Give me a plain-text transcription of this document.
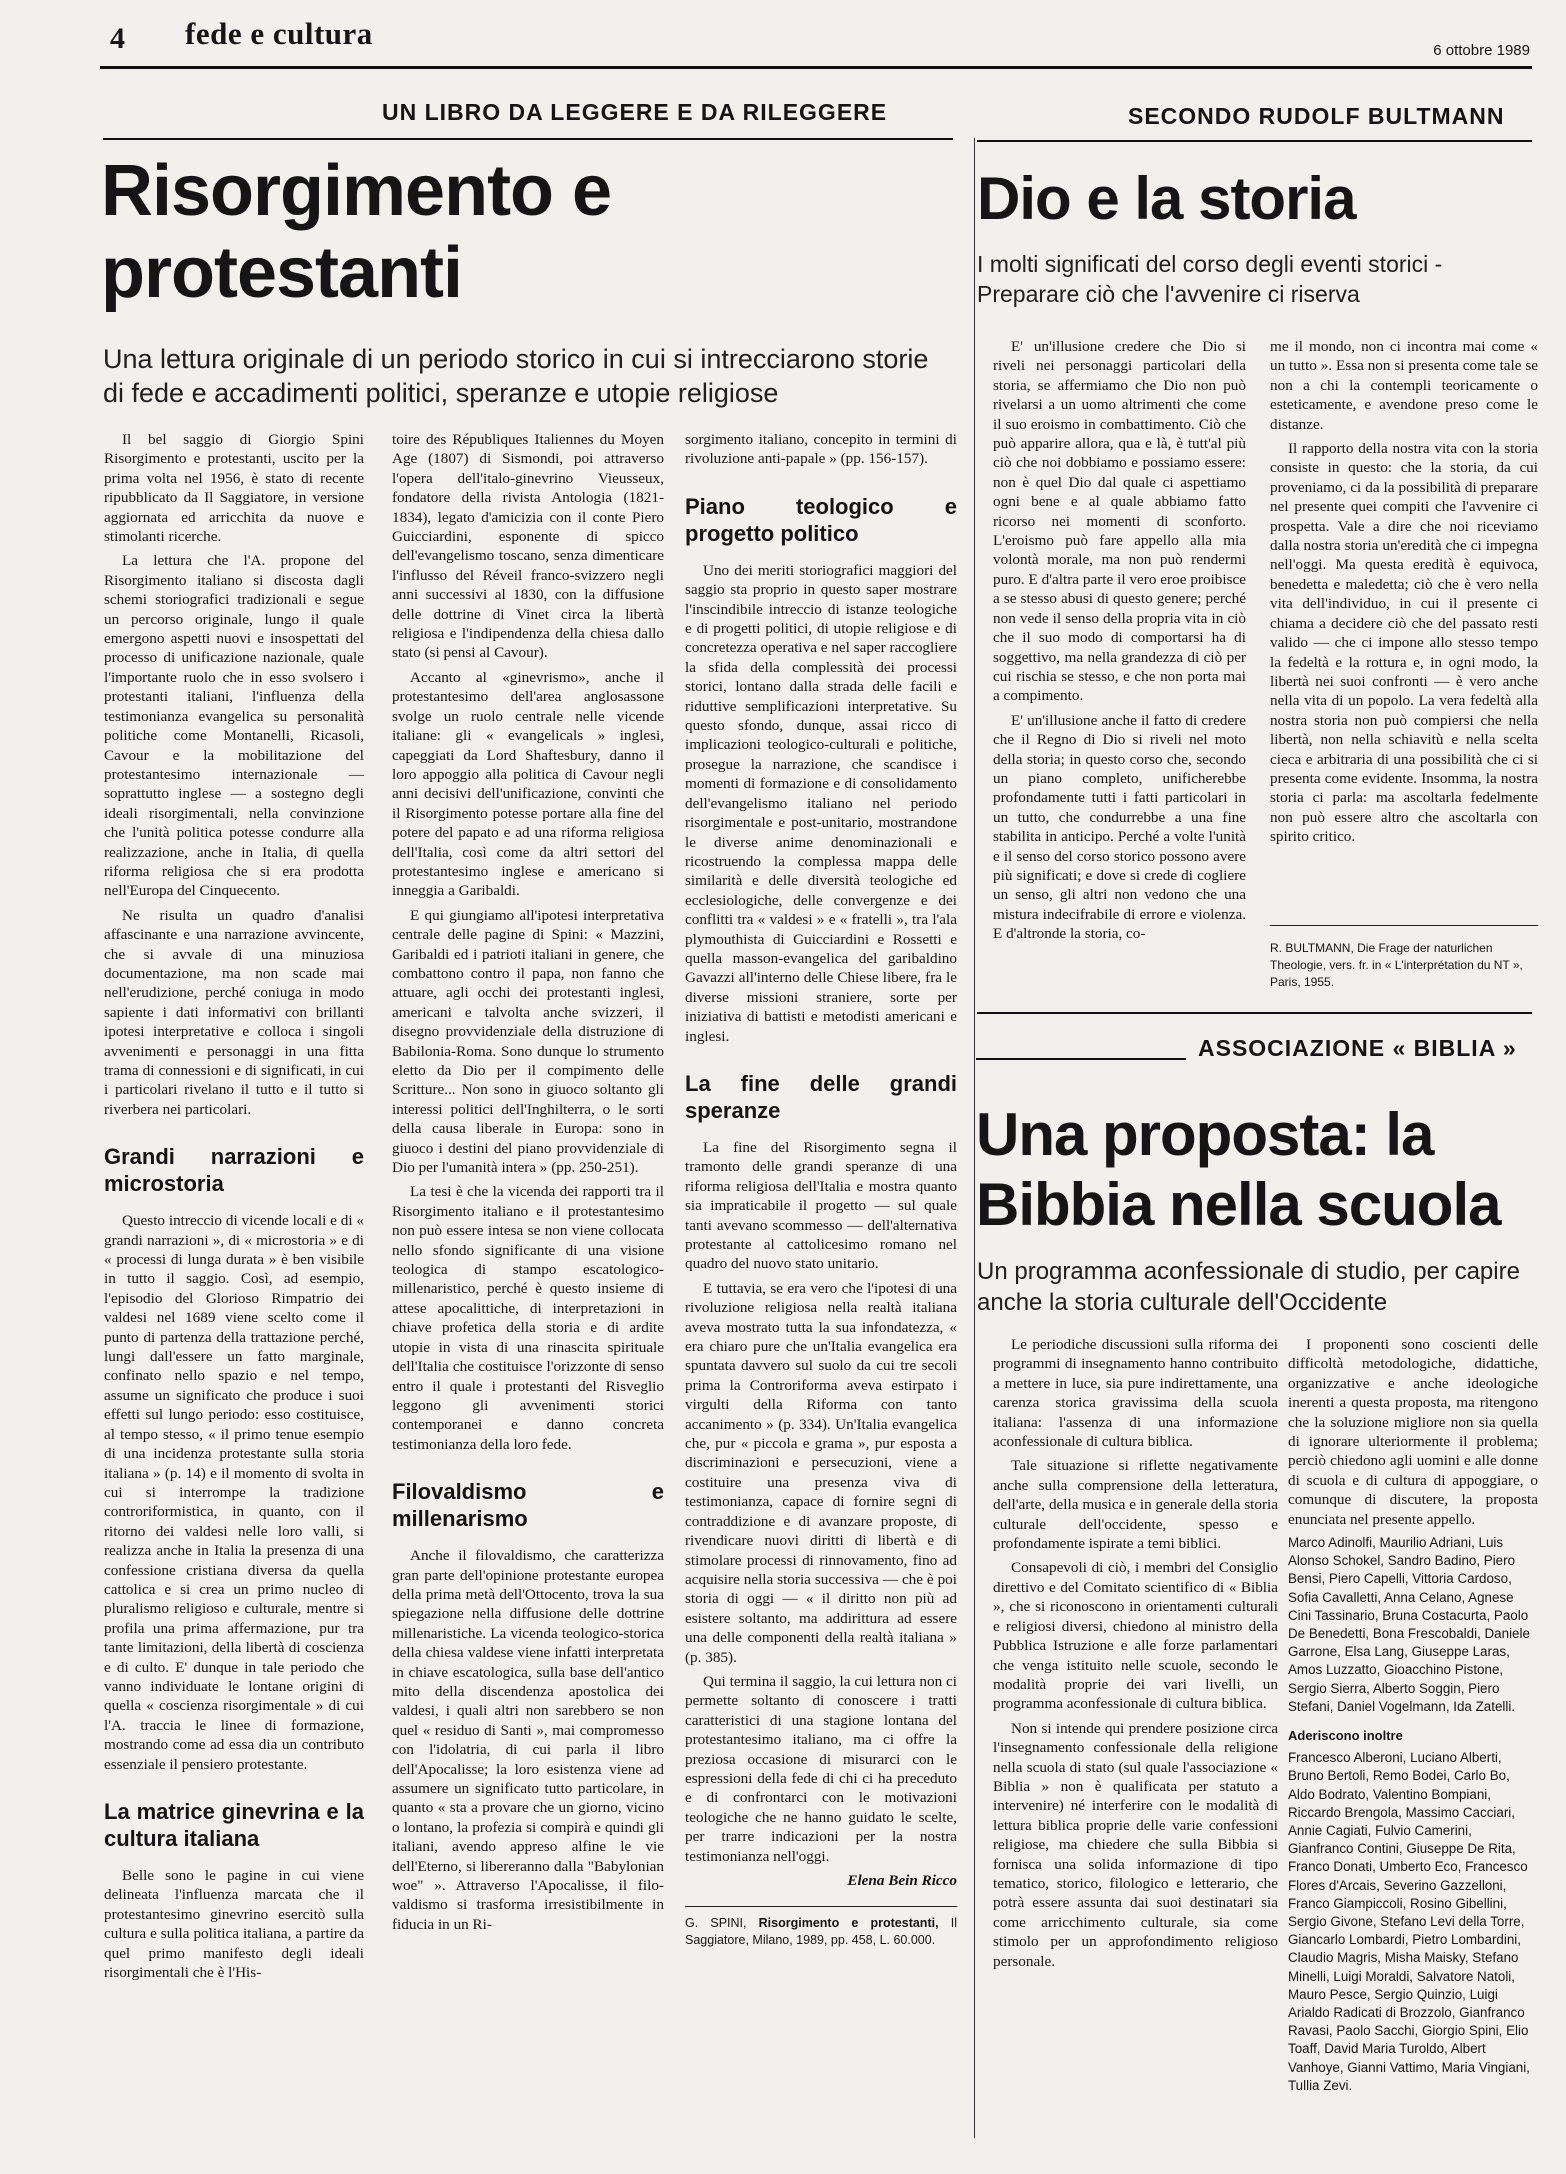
4 fede e cultura	6 ottobre 1989
UN LIBRO DA LEGGERE E DA RILEGGERE
Risorgimento e protestanti
Una lettura originale di un periodo storico in cui si intrecciarono storie di fede e accadimenti politici, speranze e utopie religiose

Il bel saggio di Giorgio Spini Risorgimento e protestanti, uscito per la prima volta nel 1956, è stato di recente ripubblicato da Il Saggiatore, in versione aggiornata ed arricchita da nuove e stimolanti ricerche.

La lettura che l'A. propone del Risorgimento italiano si discosta dagli schemi storiografici tradizionali e segue un percorso originale, lungo il quale emergono aspetti nuovi e insospettati del processo di unificazione nazionale, quale l'importante ruolo che in esso svolsero i protestanti italiani, l'influenza della testimonianza evangelica su personalità politiche come Montanelli, Ricasoli, Cavour e la mobilitazione del protestantesimo internazionale — soprattutto inglese — a sostegno degli ideali risorgimentali, nella convinzione che l'unità politica potesse condurre alla realizzazione, anche in Italia, di quella riforma religiosa che si era prodotta nell'Europa del Cinquecento.

Ne risulta un quadro d'analisi affascinante e una narrazione avvincente, che si avvale di una minuziosa documentazione, ma non scade mai nell'erudizione, perché coniuga in modo sapiente i dati informativi con brillanti ipotesi interpretative e colloca i singoli avvenimenti e personaggi in una fitta trama di connessioni e di significati, in cui i particolari rivelano il tutto e il tutto si riverbera nei particolari.

Grandi narrazioni e microstoria

Questo intreccio di vicende locali e di « grandi narrazioni », di « microstoria » e di « processi di lunga durata » è ben visibile in tutto il saggio. Così, ad esempio, l'episodio del Glorioso Rimpatrio dei valdesi nel 1689 viene scelto come il punto di partenza della trattazione perché, lungi dall'essere un fatto marginale, confinato nello spazio e nel tempo, assume un significato che produce i suoi effetti sul lungo periodo: esso costituisce, al tempo stesso, « il primo tenue esempio di una incidenza protestante sulla storia italiana » (p. 14) e il momento di svolta in cui si interrompe la tradizione controriformistica, in quanto, con il ritorno dei valdesi nelle loro valli, si realizza anche in Italia la presenza di una confessione cristiana diversa da quella cattolica e si crea un primo nucleo di pluralismo religioso e culturale, mentre si profila una prima affermazione, pur tra tante limitazioni, della libertà di coscienza e di culto. E' dunque in tale periodo che vanno individuate le lontane origini di quella « coscienza risorgimentale » di cui l'A. traccia le linee di formazione, mostrando come ad essa dia un contributo essenziale il pensiero protestante.

La matrice ginevrina e la cultura italiana

Belle sono le pagine in cui viene delineata l'influenza marcata che il protestantesimo ginevrino esercitò sulla cultura e sulla politica italiana, a partire da quel primo manifesto degli ideali risorgimentali che è l'His-

toire des Républiques Italiennes du Moyen Age (1807) di Sismondi, poi attraverso l'opera dell'italo-ginevrino Vieusseux, fondatore della rivista Antologia (1821-1834), legato d'amicizia con il conte Piero Guicciardini, esponente di spicco dell'evangelismo toscano, senza dimenticare l'influsso del Réveil franco-svizzero negli anni successivi al 1830, con la diffusione delle dottrine di Vinet circa la libertà religiosa e l'indipendenza della chiesa dallo stato (si pensi al Cavour).

Accanto al «ginevrismo», anche il protestantesimo dell'area anglosassone svolge un ruolo centrale nelle vicende italiane: gli « evangelicals » inglesi, capeggiati da Lord Shaftesbury, danno il loro appoggio alla politica di Cavour negli anni decisivi dell'unificazione, convinti che il Risorgimento potesse portare alla fine del potere del papato e ad una riforma religiosa dell'Italia, così come da altri settori del protestantesimo inglese e americano si inneggia a Garibaldi.

E qui giungiamo all'ipotesi interpretativa centrale delle pagine di Spini: « Mazzini, Garibaldi ed i patrioti italiani in genere, che combattono contro il papa, non fanno che attuare, agli occhi dei protestanti inglesi, americani e talvolta anche svizzeri, il disegno provvidenziale della distruzione di Babilonia-Roma. Sono dunque lo strumento eletto da Dio per il compimento delle Scritture... Non sono in giuoco soltanto gli interessi politici dell'Inghilterra, o le sorti della causa liberale in Europa: sono in giuoco i destini del piano provvidenziale di Dio per l'umanità intera » (pp. 250-251).

La tesi è che la vicenda dei rapporti tra il Risorgimento italiano e il protestantesimo non può essere intesa se non viene collocata nello sfondo significante di una visione teologica di stampo escatologico-millenaristico, perché è questo insieme di attese apocalittiche, di interpretazioni in chiave profetica della storia e di ardite utopie in vista di una rinascita spirituale dell'Italia che costituisce l'orizzonte di senso entro il quale i protestanti del Risveglio leggono gli avvenimenti storici contemporanei e danno concreta testimonianza della loro fede.

Filovaldismo e millenarismo

Anche il filovaldismo, che caratterizza gran parte dell'opinione protestante europea della prima metà dell'Ottocento, trova la sua spiegazione nella diffusione delle dottrine millenaristiche. La vicenda teologico-storica della chiesa valdese viene infatti interpretata in chiave escatologica, sulla base dell'antico mito della discendenza apostolica dei valdesi, i quali altri non sarebbero se non quel « residuo di Santi », mai compromesso con l'idolatria, di cui parla il libro dell'Apocalisse; la loro esistenza viene ad assumere un significato tutto particolare, in quanto « sta a provare che un giorno, vicino o lontano, la profezia si compirà e quindi gli italiani, avendo appreso alfine le vie dell'Eterno, si libereranno dalla "Babylonian woe" ». Attraverso l'Apocalisse, il filo-valdismo si trasforma irresistibilmente in fiducia in un Ri-

sorgimento italiano, concepito in termini di rivoluzione anti-papale » (pp. 156-157).

Piano teologico e progetto politico

Uno dei meriti storiografici maggiori del saggio sta proprio in questo saper mostrare l'inscindibile intreccio di istanze teologiche e di progetti politici, di utopie religiose e di concretezza operativa e nel saper raccogliere la sfida della complessità dei processi storici, lontano dalla strada delle facili e riduttive semplificazioni interpretative. Su questo sfondo, dunque, assai ricco di implicazioni teologico-culturali e politiche, prosegue la narrazione, che scandisce i momenti di formazione e di consolidamento dell'evangelismo italiano nel periodo risorgimentale e post-unitario, mostrandone le diverse anime denominazionali e ricostruendo la complessa mappa delle similarità e delle diversità teologiche ed ecclesiologiche, delle convergenze e dei conflitti tra « valdesi » e « fratelli », tra l'ala plymouthista di Guicciardini e Rossetti e quella masson-evangelica del garibaldino Gavazzi all'interno delle Chiese libere, fra le diverse missioni straniere, sorte per iniziativa di battisti e metodisti americani e inglesi.

La fine delle grandi speranze

La fine del Risorgimento segna il tramonto delle grandi speranze di una riforma religiosa dell'Italia e mostra quanto sia impraticabile il progetto — sul quale tanti avevano scommesso — dell'alternativa protestante al cattolicesimo romano nel quadro del nuovo stato unitario.

E tuttavia, se era vero che l'ipotesi di una rivoluzione religiosa nella realtà italiana aveva mostrato tutta la sua infondatezza, « era chiaro pure che un'Italia evangelica era spuntata davvero sul suolo da cui tre secoli prima la Controriforma aveva estirpato i virgulti della Riforma con tanto accanimento » (p. 334). Un'Italia evangelica che, pur « piccola e grama », pur esposta a discriminazioni e persecuzioni, viene a costituire una presenza viva di testimonianza, capace di fornire segni di contraddizione e di avanzare proposte, di rivendicare nuovi diritti di libertà e di stimolare processi di rinnovamento, fino ad acquisire nella storia successiva — che è poi storia di oggi — « il diritto non più ad esistere soltanto, ma addirittura ad essere una delle componenti della realtà italiana » (p. 385).

Qui termina il saggio, la cui lettura non ci permette soltanto di conoscere i tratti caratteristici di una stagione lontana del protestantesimo italiano, ma ci offre la preziosa occasione di misurarci con le espressioni della fede di chi ci ha preceduto e di confrontarci con le motivazioni teologiche che ne hanno guidato le scelte, per trarre indicazioni per la nostra testimonianza nell'oggi.

Elena Bein Ricco
G. SPINI, Risorgimento e protestanti, Il Saggiatore, Milano, 1989, pp. 458, L. 60.000.
SECONDO RUDOLF BULTMANN
Dio e la storia
I molti significati del corso degli eventi storici - Preparare ciò che l'avvenire ci riserva

E' un'illusione credere che Dio si riveli nei personaggi particolari della storia, se affermiamo che Dio non può rivelarsi a un uomo altrimenti che come il suo eroismo in combattimento. Ciò che può apparire allora, qua e là, è tutt'al più ciò che noi dobbiamo e possiamo essere: non è quel Dio dal quale ci aspettiamo ogni bene e al quale abbiamo fatto ricorso nei momenti di sconforto. L'eroismo può fare appello alla mia volontà morale, ma non può rendermi puro. E d'altra parte il vero eroe proibisce a se stesso abusi di questo genere; perché non vede il senso della propria vita in ciò che il suo modo di comportarsi ha di soggettivo, ma nella grandezza di ciò per cui rischia se stesso, e che non porta mai a compimento.

E' un'illusione anche il fatto di credere che il Regno di Dio si riveli nel moto della storia; in questo corso che, secondo un piano completo, unificherebbe profondamente tutti i fatti particolari in un tutto, che condurrebbe a una fine stabilita in anticipo. Perché a volte l'unità e il senso del corso storico possono avere più significati; e dove si crede di cogliere un senso, gli altri non vedono che una mistura indecifrabile di errore e violenza. E d'altronde la storia, co-

me il mondo, non ci incontra mai come « un tutto ». Essa non si presenta come tale se non a chi la contempli teoricamente o esteticamente, e avendone preso come le distanze.

Il rapporto della nostra vita con la storia consiste in questo: che la storia, da cui proveniamo, ci da la possibilità di preparare nel presente quei compiti che l'avvenire ci prospetta. Vale a dire che noi riceviamo dalla nostra storia un'eredità che ci impegna nell'oggi. Ma questa eredità è equivoca, benedetta e maledetta; ciò che è vero nella vita dell'individuo, in cui il presente ci chiama a decidere ciò che del passato resti valido — che ci impone allo stesso tempo la fedeltà e la rottura e, in ogni modo, la libertà nei suoi confronti — è vero anche nella vita di un popolo. La vera fedeltà alla nostra storia non può compiersi che nella libertà, non nella schiavitù e nella scelta cieca e arbitraria di una possibilità che ci si presenta come evidente. Insomma, la nostra storia ci parla: ma ascoltarla fedelmente non può essere altro che ascoltarla con spirito critico.

R. BULTMANN, Die Frage der naturlichen Theologie, vers. fr. in « L'interprétation du NT », Paris, 1955.
ASSOCIAZIONE « BIBLIA »
Una proposta: la Bibbia nella scuola
Un programma aconfessionale di studio, per capire anche la storia culturale dell'Occidente

Le periodiche discussioni sulla riforma dei programmi di insegnamento hanno contribuito a mettere in luce, sia pure indirettamente, una carenza storica gravissima della scuola italiana: l'assenza di una informazione aconfessionale di cultura biblica.

Tale situazione si riflette negativamente anche sulla comprensione della letteratura, dell'arte, della musica e in generale della storia culturale dell'occidente, spesso e profondamente ispirate a temi biblici.

Consapevoli di ciò, i membri del Consiglio direttivo e del Comitato scientifico di « Biblia », che si riconoscono in orientamenti culturali e religiosi diversi, chiedono al ministro della Pubblica Istruzione e alle forze parlamentari che venga istituito nelle scuole, secondo le modalità proprie dei vari livelli, un programma aconfessionale di cultura biblica.

Non si intende qui prendere posizione circa l'insegnamento confessionale della religione nella scuola di stato (sul quale l'associazione « Biblia » non è qualificata per statuto a intervenire) né interferire con le modalità di lettura biblica proprie delle varie confessioni religiose, ma chiedere che sulla Bibbia si fornisca una solida informazione di tipo tematico, storico, filologico e letterario, che potrà essere assunta dai suoi destinatari sia come arricchimento culturale, sia come stimolo per un approfondimento religioso personale.

I proponenti sono coscienti delle difficoltà metodologiche, didattiche, organizzative e anche ideologiche inerenti a questa proposta, ma ritengono che la soluzione migliore non sia quella di ignorare ulteriormente il problema; perciò chiedono agli uomini e alle donne di scuola e di cultura di appoggiare, o comunque di discutere, la proposta enunciata nel presente appello.

Marco Adinolfi, Maurilio Adriani, Luis Alonso Schokel, Sandro Badino, Piero Bensi, Piero Capelli, Vittoria Cardoso, Sofia Cavalletti, Anna Celano, Agnese Cini Tassinario, Bruna Costacurta, Paolo De Benedetti, Bona Frescobaldi, Daniele Garrone, Elsa Lang, Giuseppe Laras, Amos Luzzatto, Gioacchino Pistone, Sergio Sierra, Alberto Soggin, Piero Stefani, Daniel Vogelmann, Ida Zatelli.

Aderiscono inoltre

Francesco Alberoni, Luciano Alberti, Bruno Bertoli, Remo Bodei, Carlo Bo, Aldo Bodrato, Valentino Bompiani, Riccardo Brengola, Massimo Cacciari, Annie Cagiati, Fulvio Camerini, Gianfranco Contini, Giuseppe De Rita, Franco Donati, Umberto Eco, Francesco Flores d'Arcais, Severino Gazzelloni, Franco Giampiccoli, Rosino Gibellini, Sergio Givone, Stefano Levi della Torre, Giancarlo Lombardi, Pietro Lombardini, Claudio Magris, Misha Maisky, Stefano Minelli, Luigi Moraldi, Salvatore Natoli, Mauro Pesce, Sergio Quinzio, Luigi Arialdo Radicati di Brozzolo, Gianfranco Ravasi, Paolo Sacchi, Giorgio Spini, Elio Toaff, David Maria Turoldo, Albert Vanhoye, Gianni Vattimo, Maria Vingiani, Tullia Zevi.
